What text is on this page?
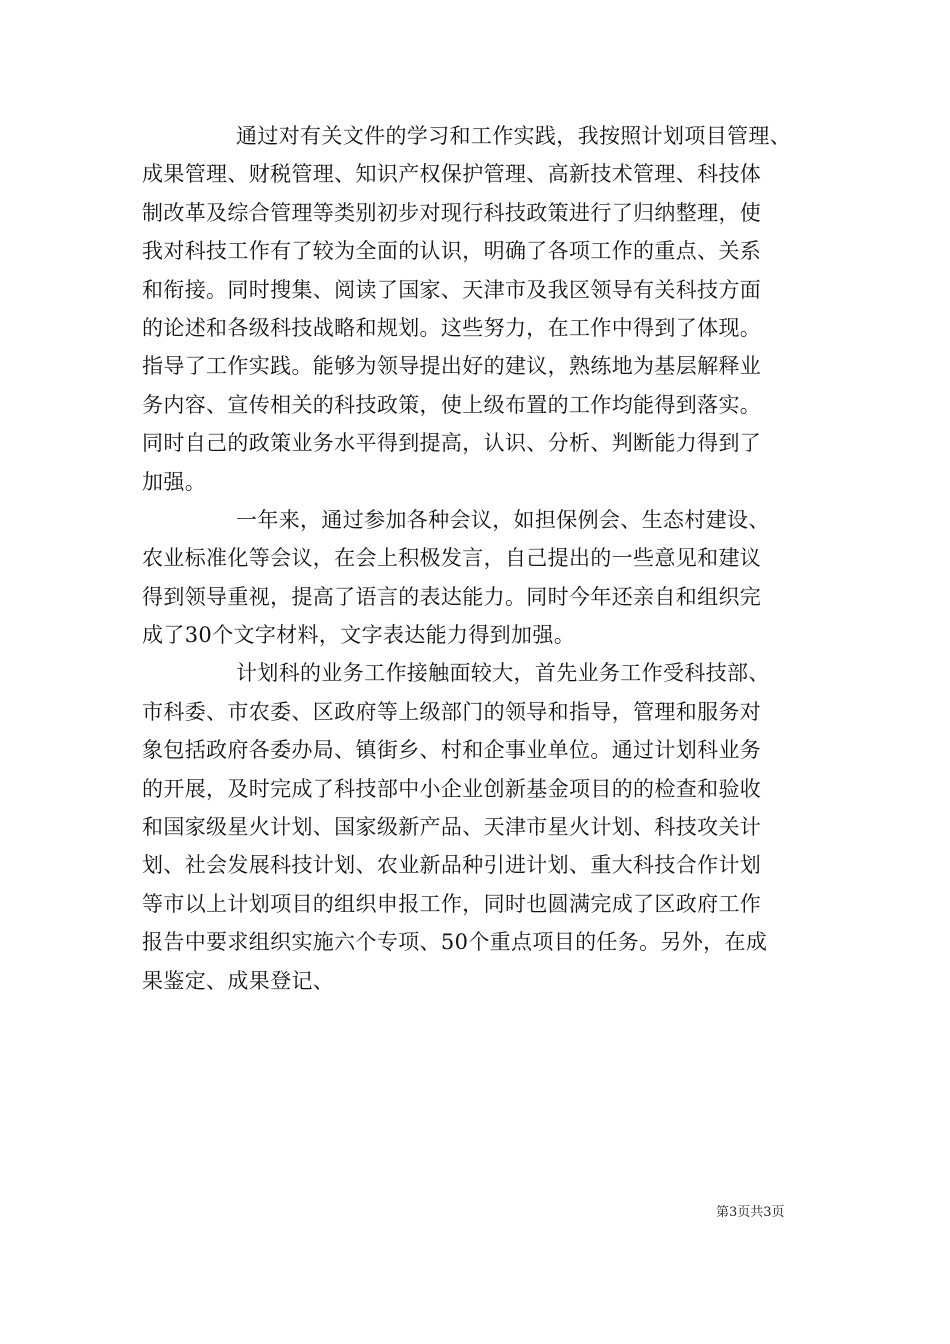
通过对有关文件的学习和工作实践，我按照计划项目管理、
成果管理、财税管理、知识产权保护管理、高新技术管理、科技体
制改革及综合管理等类别初步对现行科技政策进行了归纳整理，使
我对科技工作有了较为全面的认识，明确了各项工作的重点、关系
和衔接。同时搜集、阅读了国家、天津市及我区领导有关科技方面
的论述和各级科技战略和规划。这些努力，在工作中得到了体现。
指导了工作实践。能够为领导提出好的建议，熟练地为基层解释业
务内容、宣传相关的科技政策，使上级布置的工作均能得到落实。
同时自己的政策业务水平得到提高，认识、分析、判断能力得到了
加强。
一年来，通过参加各种会议，如担保例会、生态村建设、
农业标准化等会议，在会上积极发言，自己提出的一些意见和建议
得到领导重视，提高了语言的表达能力。同时今年还亲自和组织完
成了30个文字材料，文字表达能力得到加强。
计划科的业务工作接触面较大，首先业务工作受科技部、
市科委、市农委、区政府等上级部门的领导和指导，管理和服务对
象包括政府各委办局、镇街乡、村和企事业单位。通过计划科业务
的开展，及时完成了科技部中小企业创新基金项目的的检查和验收
和国家级星火计划、国家级新产品、天津市星火计划、科技攻关计
划、社会发展科技计划、农业新品种引进计划、重大科技合作计划
等市以上计划项目的组织申报工作，同时也圆满完成了区政府工作
报告中要求组织实施六个专项、50个重点项目的任务。另外，在成
果鉴定、成果登记、
第3页共3页
